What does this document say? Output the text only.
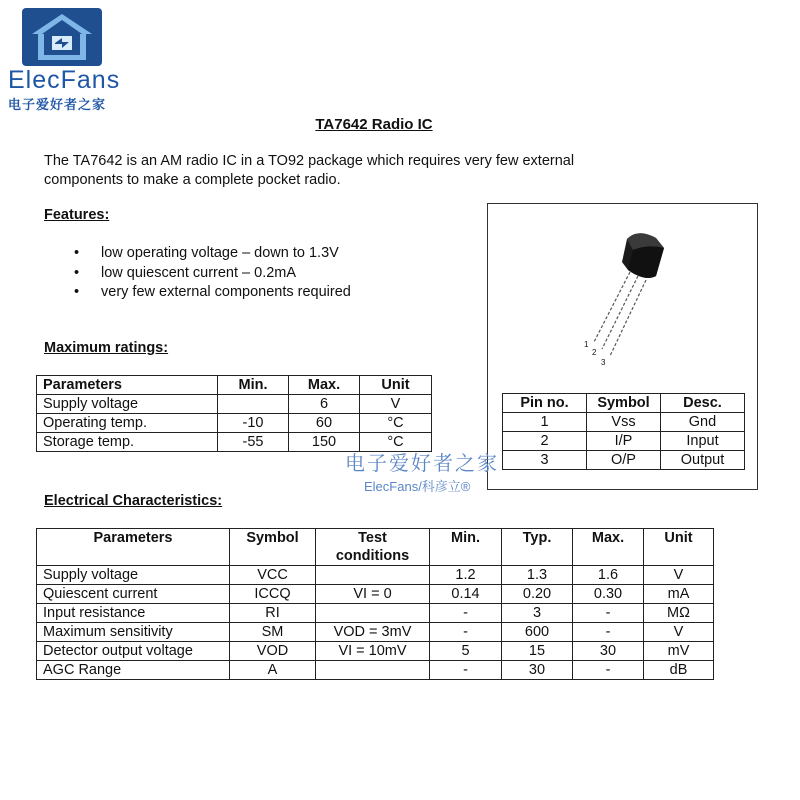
ElecFans
电子爱好者之家
TA7642 Radio IC
The TA7642 is an AM radio IC in a TO92 package which requires very few external components to make a complete pocket radio.
Features:
• low operating voltage – down to 1.3V
• low quiescent current – 0.2mA
• very few external components required
Maximum ratings:
Parameters	Min.	Max.	Unit
Supply voltage		6	V
Operating temp.	-10	60	°C
Storage temp.	-55	150	°C
1
2
3
Pin no.	Symbol	Desc.
1	Vss	Gnd
2	I/P	Input
3	O/P	Output
电子爱好者之家
ElecFans/科彦立®
Electrical Characteristics:
Parameters	Symbol	Test conditions	Min.	Typ.	Max.	Unit
Supply voltage	VCC		1.2	1.3	1.6	V
Quiescent current	ICCQ	VI = 0	0.14	0.20	0.30	mA
Input resistance	RI		-	3	-	MΩ
Maximum sensitivity	SM	VOD = 3mV	-	600	-	V
Detector output voltage	VOD	VI = 10mV	5	15	30	mV
AGC Range	A		-	30	-	dB
